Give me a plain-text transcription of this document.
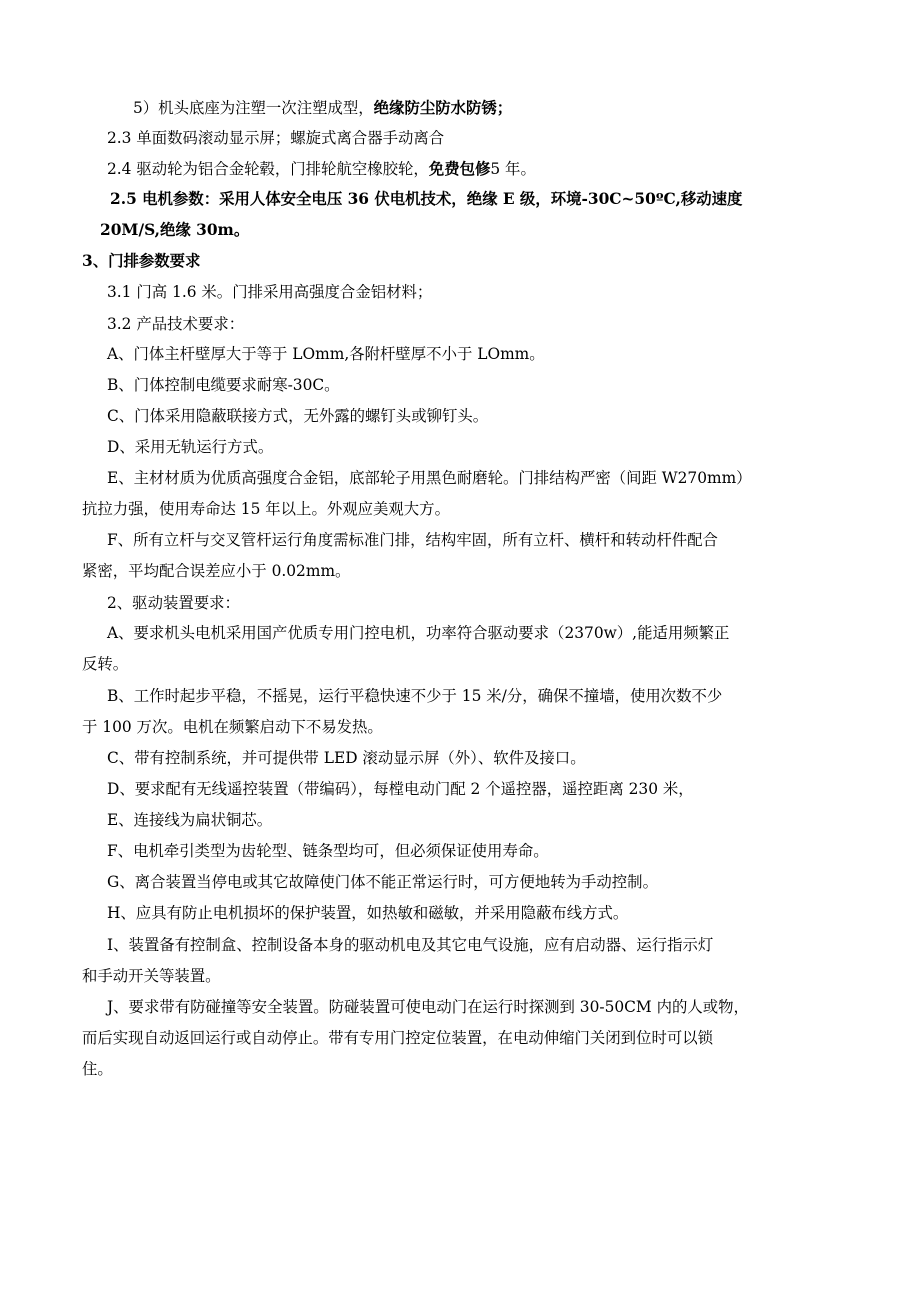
5）机头底座为注塑一次注塑成型，绝缘防尘防水防锈；
2.3 单面数码滚动显示屏；螺旋式离合器手动离合
2.4 驱动轮为铝合金轮毂，门排轮航空橡胶轮，免费包修5 年。
2.5 电机参数：采用人体安全电压 36 伏电机技术，绝缘 E 级，环境-30C~50ºC,移动速度
20M/S,绝缘 30m。
3、门排参数要求
3.1 门高 1.6 米。门排采用高强度合金铝材料；
3.2 产品技术要求：
A、门体主杆壁厚大于等于 LOmm,各附杆壁厚不小于 LOmm。
B、门体控制电缆要求耐寒-30C。
C、门体采用隐蔽联接方式，无外露的螺钉头或铆钉头。
D、采用无轨运行方式。
E、主材材质为优质高强度合金铝，底部轮子用黑色耐磨轮。门排结构严密（间距 W270mm）
抗拉力强，使用寿命达 15 年以上。外观应美观大方。
F、所有立杆与交叉管杆运行角度需标准门排，结构牢固，所有立杆、横杆和转动杆件配合
紧密，平均配合误差应小于 0.02mm。
2、驱动装置要求：
A、要求机头电机采用国产优质专用门控电机，功率符合驱动要求（2370w）,能适用频繁正
反转。
B、工作时起步平稳，不摇晃，运行平稳快速不少于 15 米/分，确保不撞墙，使用次数不少
于 100 万次。电机在频繁启动下不易发热。
C、带有控制系统，并可提供带 LED 滚动显示屏（外）、软件及接口。
D、要求配有无线遥控装置（带编码），每樘电动门配 2 个遥控器，遥控距离 230 米，
E、连接线为扁状铜芯。
F、电机牵引类型为齿轮型、链条型均可，但必须保证使用寿命。
G、离合装置当停电或其它故障使门体不能正常运行时，可方便地转为手动控制。
H、应具有防止电机损坏的保护装置，如热敏和磁敏，并采用隐蔽布线方式。
I、装置备有控制盒、控制设备本身的驱动机电及其它电气设施，应有启动器、运行指示灯
和手动开关等装置。
J、要求带有防碰撞等安全装置。防碰装置可使电动门在运行时探测到 30-50CM 内的人或物，
而后实现自动返回运行或自动停止。带有专用门控定位装置，在电动伸缩门关闭到位时可以锁
住。
